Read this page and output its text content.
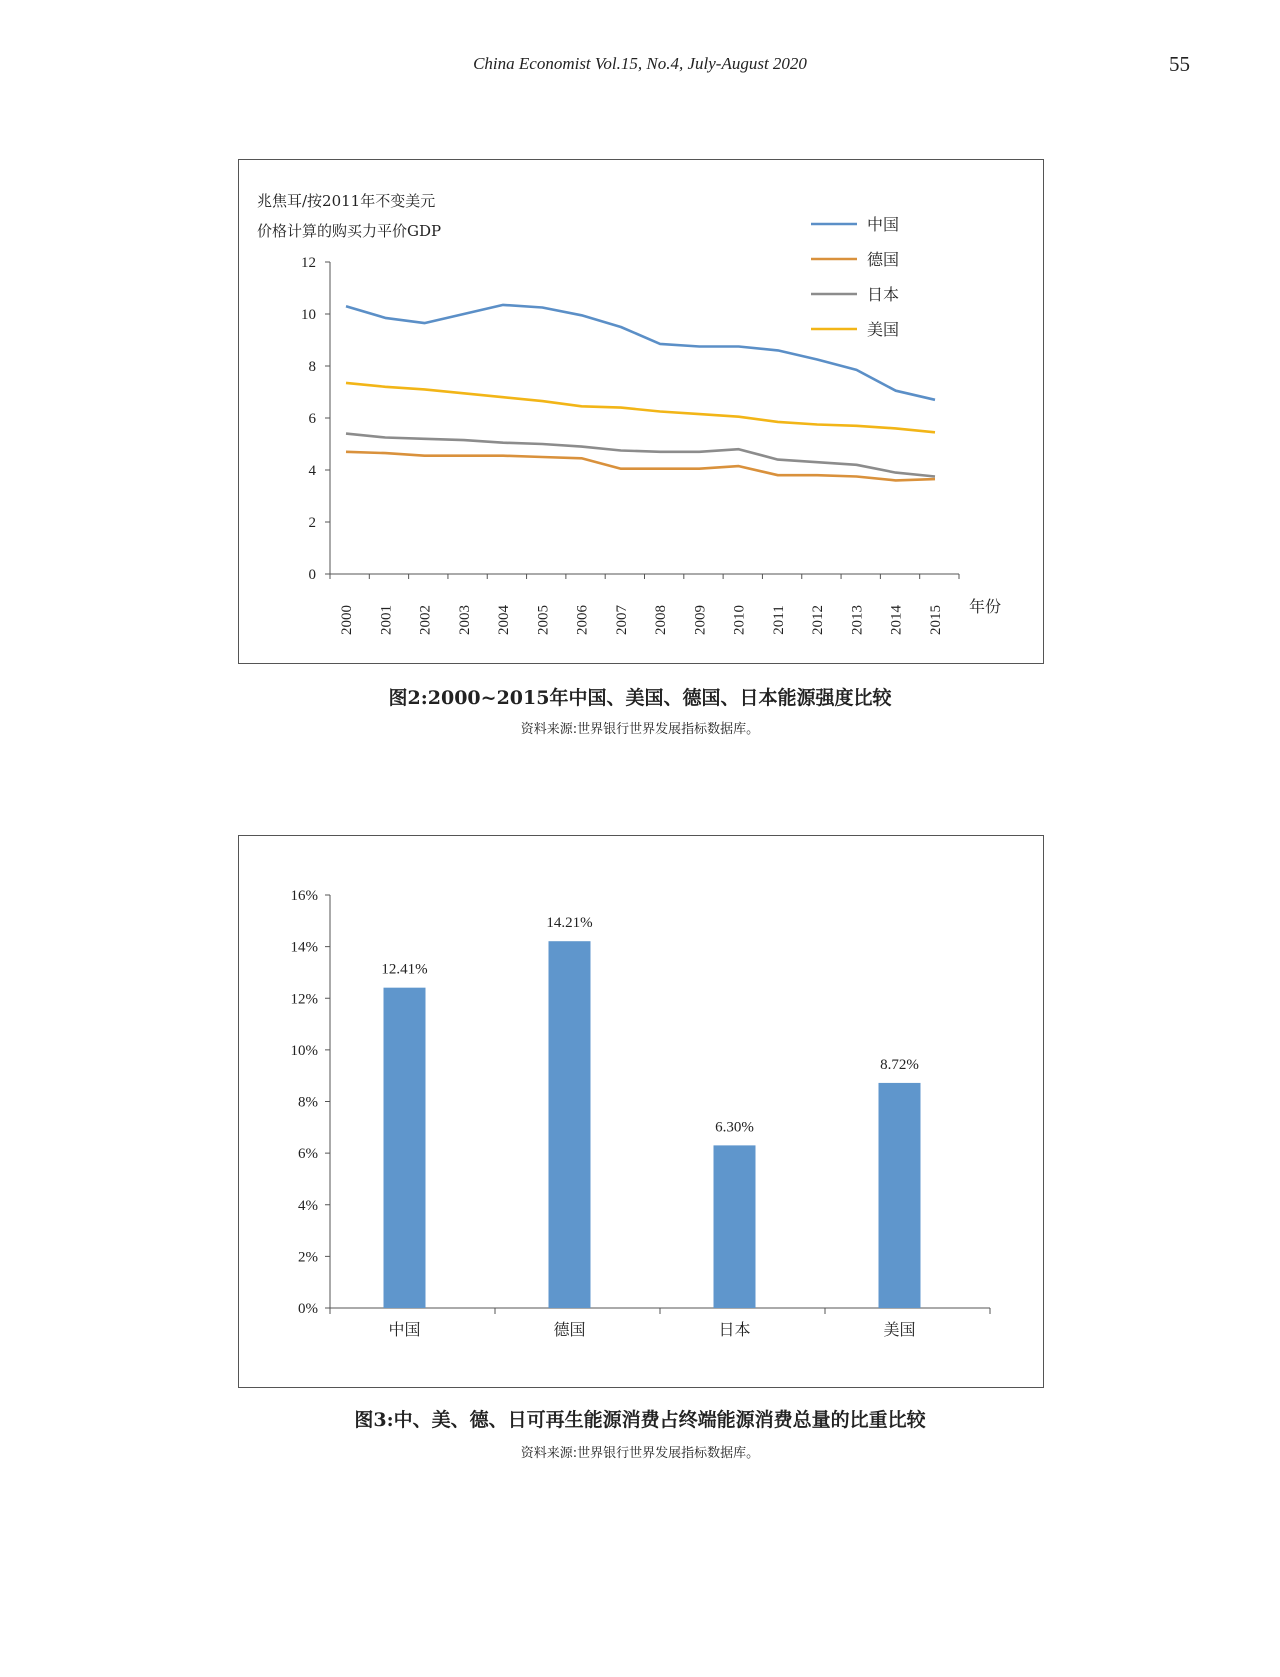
China Economist Vol.15, No.4, July-August 2020	55
兆焦耳/按2011年不变美元
价格计算的购买力平价GDP
0
2
4
6
8
10
12
2000 2001 2002 2003 2004 2005 2006 2007 2008 2009 2010 2011 2012 2013 2014 2015 年份
中国
德国
日本
美国
图2:2000~2015年中国、美国、德国、日本能源强度比较
资料来源:世界银行世界发展指标数据库。
0%
2%
4%
6%
8%
10%
12%
14%
16%
12.41%
中国
14.21%
德国
6.30%
日本
8.72%
美国
图3:中、美、德、日可再生能源消费占终端能源消费总量的比重比较
资料来源:世界银行世界发展指标数据库。
